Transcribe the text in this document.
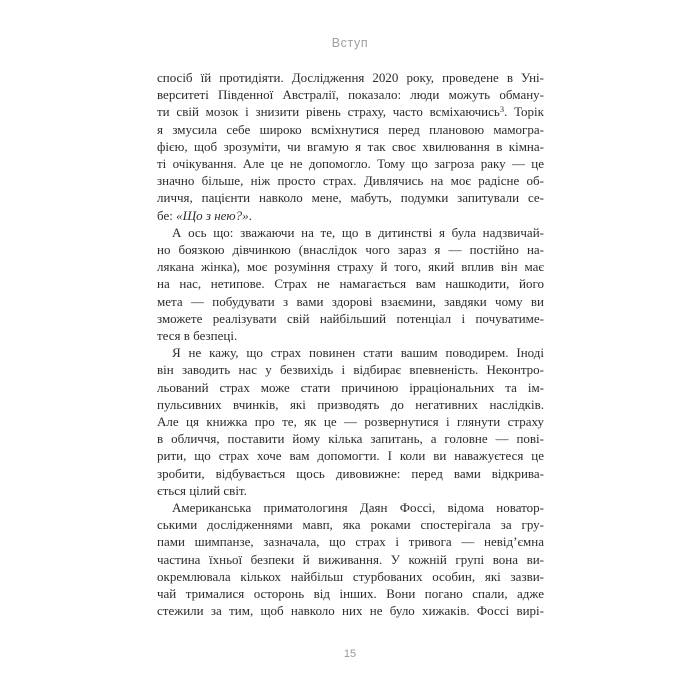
Вступ
спосіб їй протидіяти. Дослідження 2020 року, проведене в Уні-
верситеті Південної Австралії, показало: люди можуть обману-
ти свій мозок і знизити рівень страху, часто всміхаючись$^3$. Торік
я змусила себе широко всміхнутися перед плановою мамогра-
фією, щоб зрозуміти, чи вгамую я так своє хвилювання в кімна-
ті очікування. Але це не допомогло. Тому що загроза раку — це
значно більше, ніж просто страх. Дивлячись на моє радісне об-
личчя, пацієнти навколо мене, мабуть, подумки запитували се-
бе: «Що з нею?».
А ось що: зважаючи на те, що в дитинстві я була надзвичай-
но боязкою дівчинкою (внаслідок чого зараз я — постійно на-
лякана жінка), моє розуміння страху й того, який вплив він має
на нас, нетипове. Страх не намагається вам нашкодити, його
мета — побудувати з вами здорові взаємини, завдяки чому ви
зможете реалізувати свій найбільший потенціал і почуватиме-
теся в безпеці.
Я не кажу, що страх повинен стати вашим поводирем. Іноді
він заводить нас у безвихідь і відбирає впевненість. Неконтро-
льований страх може стати причиною ірраціональних та ім-
пульсивних вчинків, які призводять до негативних наслідків.
Але ця книжка про те, як це — розвернутися і глянути страху
в обличчя, поставити йому кілька запитань, а головне — пові-
рити, що страх хоче вам допомогти. І коли ви наважуєтеся це
зробити, відбувається щось дивовижне: перед вами відкрива-
ється цілий світ.
Американська приматологиня Даян Фоссі, відома новатор-
ськими дослідженнями мавп, яка роками спостерігала за гру-
пами шимпанзе, зазначала, що страх і тривога — невід’ємна
частина їхньої безпеки й виживання. У кожній групі вона ви-
окремлювала кількох найбільш стурбованих особин, які зазви-
чай трималися осторонь від інших. Вони погано спали, адже
стежили за тим, щоб навколо них не було хижаків. Фоссі вирі-
15
